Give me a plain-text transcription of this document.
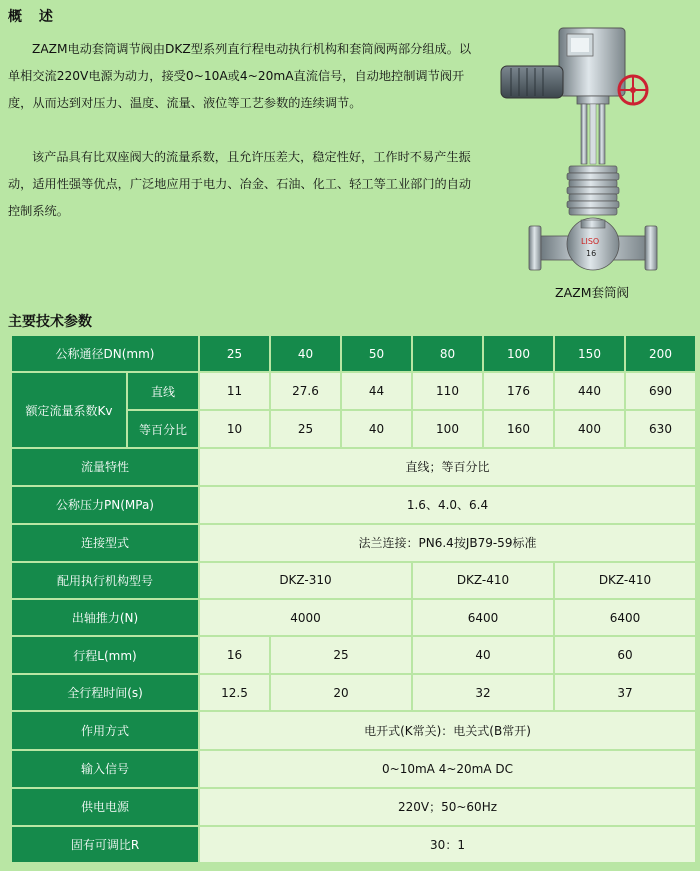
概 述

ZAZM电动套筒调节阀由DKZ型系列直行程电动执行机构和套筒阀两部分组成。以单相交流220V电源为动力，接受0~10A或4~20mA直流信号，自动地控制调节阀开度，从而达到对压力、温度、流量、液位等工艺参数的连续调节。

该产品具有比双座阀大的流量系数，且允许压差大，稳定性好，工作时不易产生振动，适用性强等优点，广泛地应用于电力、冶金、石油、化工、轻工等工业部门的自动控制系统。

LISO
16
ZAZM套筒阀
主要技术参数
公称通径DN(mm)		25	40	50	80	100	150	200
额定流量系数Kv	直线	11	27.6	44	110	176	440	690
	等百分比	10	25	40	100	160	400	630
流量特性		直线；等百分比						
公称压力PN(MPa)		1.6、4.0、6.4						
连接型式		法兰连接：PN6.4按JB79-59标准						
配用执行机构型号		DKZ-310			DKZ-410		DKZ-410	
出轴推力(N)		4000			6400		6400	
行程L(mm)		16	25		40		60	
全行程时间(s)		12.5	20		32		37	
作用方式		电开式(K常关)：电关式(B常开)						
输入信号		0~10mA 4~20mA DC						
供电电源		220V；50~60Hz						
固有可调比R		30：1						
